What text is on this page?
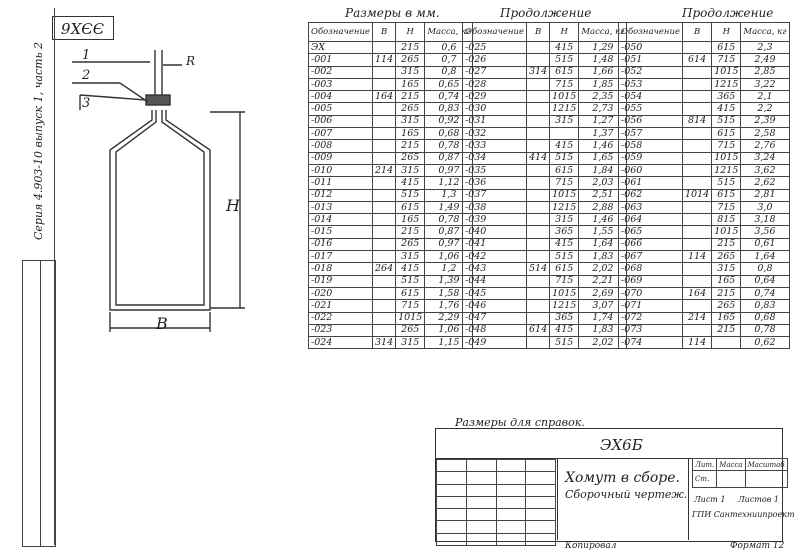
ЭЭХ6
Серия 4.903-10 выпуск 1, часть 2	1
2
3
R
H
B
Размеры в мм.	Продолжение	Продолжение
Обозначение	B	H	Масса, кг
ЭХ		215	0,6
-001	114	265	0,7
-002		315	0,8
-003		165	0,65
-004	164	215	0,74
-005		265	0,83
-006		315	0,92
-007		165	0,68
-008		215	0,78
-009		265	0,87
-010	214	315	0,97
-011		415	1,12
-012		515	1,3
-013		615	1,49
-014		165	0,78
-015		215	0,87
-016		265	0,97
-017		315	1,06
-018	264	415	1,2
-019		515	1,39
-020		615	1,58
-021		715	1,76
-022		1015	2,29
-023		265	1,06
-024	314	315	1,15
Обозначение	B	H	Масса, кг
-025		415	1,29
-026		515	1,48
-027	314	615	1,66
-028		715	1,85
-029		1015	2,35
-030		1215	2,73
-031		315	1,27
-032			1,37
-033		415	1,46
-034	414	515	1,65
-035		615	1,84
-036		715	2,03
-037		1015	2,51
-038		1215	2,88
-039		315	1,46
-040		365	1,55
-041		415	1,64
-042		515	1,83
-043	514	615	2,02
-044		715	2,21
-045		1015	2,69
-046		1215	3,07
-047		365	1,74
-048	614	415	1,83
-049		515	2,02
Обозначение	B	H	Масса, кг
-050		615	2,3
-051	614	715	2,49
-052		1015	2,85
-053		1215	3,22
-054		365	2,1
-055		415	2,2
-056	814	515	2,39
-057		615	2,58
-058		715	2,76
-059		1015	3,24
-060		1215	3,62
-061		515	2,62
-062	1014	615	2,81
-063		715	3,0
-064		815	3,18
-065		1015	3,56
-066		215	0,61
-067	114	265	1,64
-068		315	0,8
-069		165	0,64
-070	164	215	0,74
-071		265	0,83
-072	214	165	0,68
-073		215	0,78
-074	114		0,62
Размеры для справок.
ЭХ6Б
Хомут в сборе.
Сборочный чертеж.
Лит.	Масса	Масштаб
Ст.		
Лист 1 Листов 1
ГПИ Сантехниипроект

Копировал	Формат 12
